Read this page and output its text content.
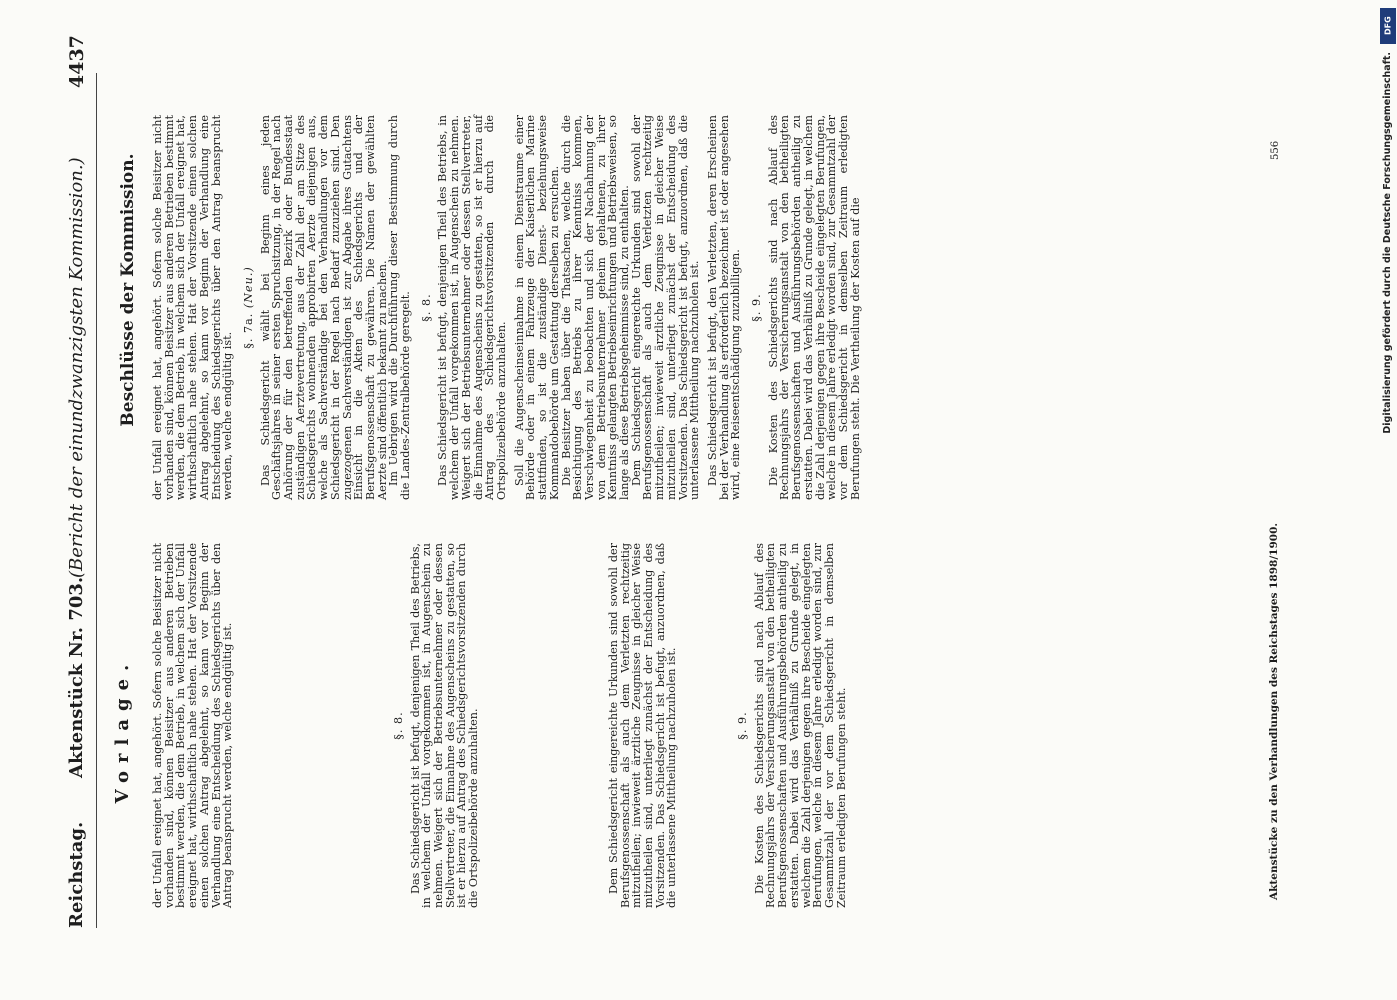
Reichstag.
Aktenstück Nr. 703.
(Bericht der einundzwanzigsten Kommission.)
4437
Vorlage.
Beschlüsse der Kommission.

der Unfall ereignet hat, angehört. Sofern solche Beisitzer nicht vorhanden sind, können Beisitzer aus anderen Betrieben bestimmt werden, die dem Betrieb, in welchem sich der Unfall ereignet hat, wirthschaftlich nahe stehen. Hat der Vorsitzende einen solchen Antrag abgelehnt, so kann vor Beginn der Verhandlung eine Entscheidung des Schiedsgerichts über den Antrag beansprucht werden, welche endgültig ist.	§. 8. Das Schiedsgericht ist befugt, denjenigen Theil des Betriebs, in welchem der Unfall vorgekommen ist, in Augenschein zu nehmen. Weigert sich der Betriebsunternehmer oder dessen Stellvertreter, die Einnahme des Augenscheins zu gestatten, so ist er hierzu auf Antrag des Schiedsgerichtsvorsitzenden durch die Ortspolizeibehörde anzuhalten.	Dem Schiedsgericht eingereichte Urkunden sind sowohl der Berufsgenossenschaft als auch dem Verletzten rechtzeitig mitzutheilen; inwieweit ärztliche Zeugnisse in gleicher Weise mitzutheilen sind, unterliegt zunächst der Entscheidung des Vorsitzenden. Das Schiedsgericht ist befugt, anzuordnen, daß die unterlassene Mittheilung nachzuholen ist.	§. 9. Die Kosten des Schiedsgerichts sind nach Ablauf des Rechnungsjahrs der Versicherungsanstalt von den betheiligten Berufsgenossenschaften und Ausführungsbehörden antheilig zu erstatten. Dabei wird das Verhältniß zu Grunde gelegt, in welchem die Zahl derjenigen gegen ihre Bescheide eingelegten Berufungen, welche in diesem Jahre erledigt worden sind, zur Gesammtzahl der vor dem Schiedsgericht in demselben Zeitraum erledigten Berufungen steht.

der Unfall ereignet hat, angehört. Sofern solche Beisitzer nicht vorhanden sind, können Beisitzer aus anderen Betrieben bestimmt werden, die dem Betrieb, in welchem sich der Unfall ereignet hat, wirthschaftlich nahe stehen. Hat der Vorsitzende einen solchen Antrag abgelehnt, so kann vor Beginn der Verhandlung eine Entscheidung des Schiedsgerichts über den Antrag beansprucht werden, welche endgültig ist.

§. 7a. (Neu.) Das Schiedsgericht wählt bei Beginn eines jeden Geschäftsjahres in seiner ersten Spruchsitzung, in der Regel nach Anhörung der für den betreffenden Bezirk oder Bundesstaat zuständigen Aerztevertretung, aus der Zahl der am Sitze des Schiedsgerichts wohnenden approbirten Aerzte diejenigen aus, welche als Sachverständige bei den Verhandlungen vor dem Schiedsgericht in der Regel nach Bedarf zuzuziehen sind. Den zugezogenen Sachverständigen ist zur Abgabe ihres Gutachtens Einsicht in die Akten des Schiedsgerichts und der Berufsgenossenschaft zu gewähren. Die Namen der gewählten Aerzte sind öffentlich bekannt zu machen.

Im Uebrigen wird die Durchführung dieser Bestimmung durch die Landes-Zentralbehörde geregelt. §. 8. Das Schiedsgericht ist befugt, denjenigen Theil des Betriebs, in welchem der Unfall vorgekommen ist, in Augenschein zu nehmen. Weigert sich der Betriebsunternehmer oder dessen Stellvertreter, die Einnahme des Augenscheins zu gestatten, so ist er hierzu auf Antrag des Schiedsgerichtsvorsitzenden durch die Ortspolizeibehörde anzuhalten. Soll die Augenscheinseinnahme in einem Dienstraume einer Behörde oder in einem Fahrzeuge der Kaiserlichen Marine stattfinden, so ist die zuständige Dienst- beziehungsweise Kommandobehörde um Gestattung derselben zu ersuchen.

Die Beisitzer haben über die Thatsachen, welche durch die Besichtigung des Betriebs zu ihrer Kenntniss kommen, Verschwiegenheit zu beobachten und sich der Nachahmung der von dem Betriebsunternehmer geheim gehaltenen, zu ihrer Kenntniss gelangten Betriebseinrichtungen und Betriebsweisen, so lange als diese Betriebsgeheimnisse sind, zu enthalten.

Dem Schiedsgericht eingereichte Urkunden sind sowohl der Berufsgenossenschaft als auch dem Verletzten rechtzeitig mitzutheilen; inwieweit ärztliche Zeugnisse in gleicher Weise mitzutheilen sind, unterliegt zunächst der Entscheidung des Vorsitzenden. Das Schiedsgericht ist befugt, anzuordnen, daß die unterlassene Mittheilung nachzuholen ist. Das Schiedsgericht ist befugt, den Verletzten, deren Erscheinen bei der Verhandlung als erforderlich bezeichnet ist oder angesehen wird, eine Reiseentschädigung zuzubilligen. §. 9. Die Kosten des Schiedsgerichts sind nach Ablauf des Rechnungsjahrs der Versicherungsanstalt von den betheiligten Berufsgenossenschaften und Ausführungsbehörden antheilig zu erstatten. Dabei wird das Verhältniß zu Grunde gelegt, in welchem die Zahl derjenigen gegen ihre Bescheide eingelegten Berufungen, welche in diesem Jahre erledigt worden sind, zur Gesammtzahl der vor dem Schiedsgericht in demselben Zeitraum erledigten Berufungen steht. Die Vertheilung der Kosten auf die

Aktenstücke zu den Verhandlungen des Reichstages 1898/1900.
556
DFG
Digitalisierung gefördert durch die Deutsche Forschungsgemeinschaft.
